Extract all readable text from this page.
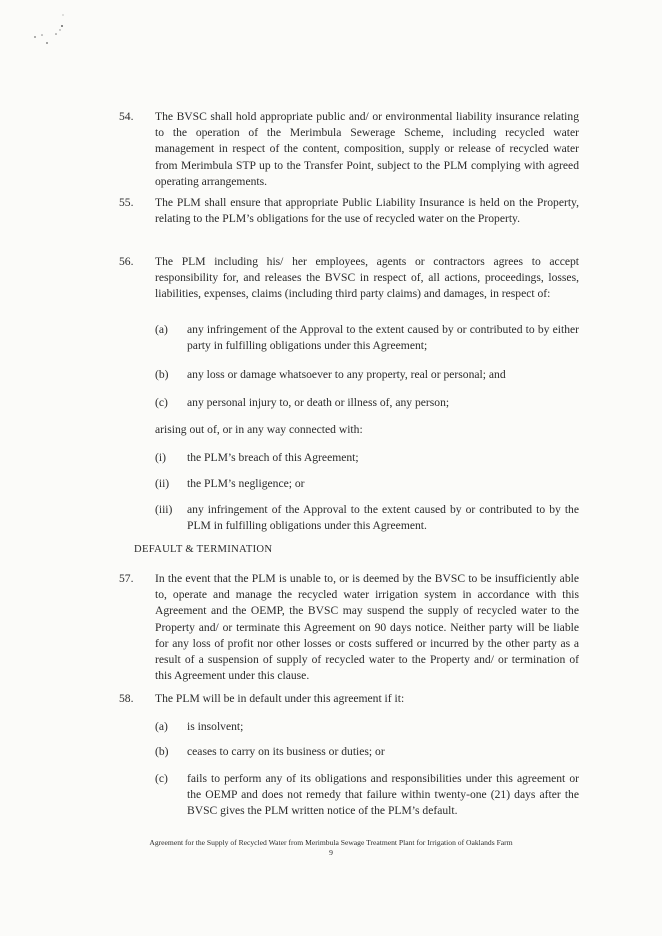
54. The BVSC shall hold appropriate public and/ or environmental liability insurance relating to the operation of the Merimbula Sewerage Scheme, including recycled water management in respect of the content, composition, supply or release of recycled water from Merimbula STP up to the Transfer Point, subject to the PLM complying with agreed operating arrangements.
55. The PLM shall ensure that appropriate Public Liability Insurance is held on the Property, relating to the PLM’s obligations for the use of recycled water on the Property.
56. The PLM including his/ her employees, agents or contractors agrees to accept responsibility for, and releases the BVSC in respect of, all actions, proceedings, losses, liabilities, expenses, claims (including third party claims) and damages, in respect of:
(a) any infringement of the Approval to the extent caused by or contributed to by either party in fulfilling obligations under this Agreement;
(b) any loss or damage whatsoever to any property, real or personal; and
(c) any personal injury to, or death or illness of, any person;
arising out of, or in any way connected with:
(i) the PLM’s breach of this Agreement;
(ii) the PLM’s negligence; or
(iii) any infringement of the Approval to the extent caused by or contributed to by the PLM in fulfilling obligations under this Agreement.
DEFAULT & TERMINATION
57. In the event that the PLM is unable to, or is deemed by the BVSC to be insufficiently able to, operate and manage the recycled water irrigation system in accordance with this Agreement and the OEMP, the BVSC may suspend the supply of recycled water to the Property and/ or terminate this Agreement on 90 days notice. Neither party will be liable for any loss of profit nor other losses or costs suffered or incurred by the other party as a result of a suspension of supply of recycled water to the Property and/ or termination of this Agreement under this clause.
58. The PLM will be in default under this agreement if it:
(a) is insolvent;
(b) ceases to carry on its business or duties; or
(c) fails to perform any of its obligations and responsibilities under this agreement or the OEMP and does not remedy that failure within twenty-one (21) days after the BVSC gives the PLM written notice of the PLM’s default.
Agreement for the Supply of Recycled Water from Merimbula Sewage Treatment Plant for Irrigation of Oaklands Farm
9
